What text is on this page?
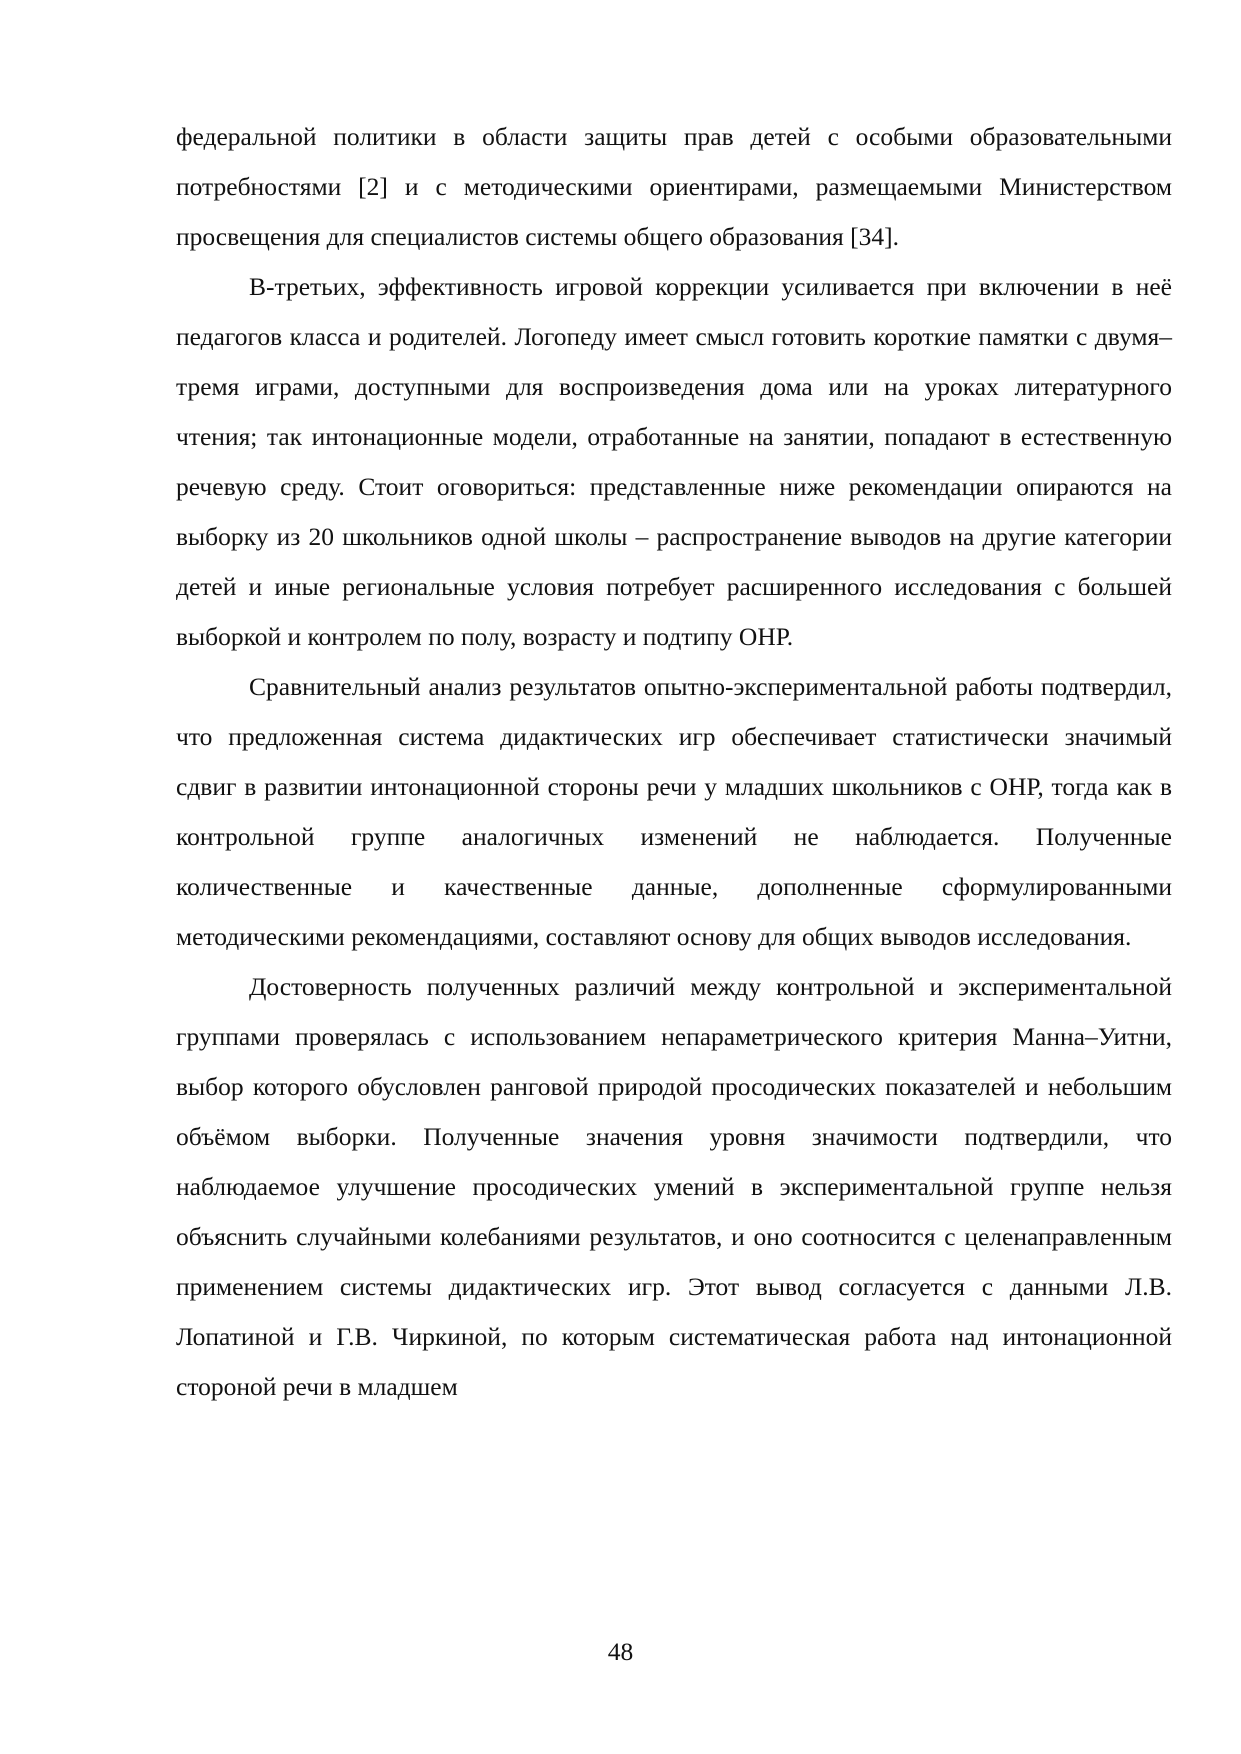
федеральной политики в области защиты прав детей с особыми образовательными потребностями [2] и с методическими ориентирами, размещаемыми Министерством просвещения для специалистов системы общего образования [34].

В-третьих, эффективность игровой коррекции усиливается при включении в неё педагогов класса и родителей. Логопеду имеет смысл готовить короткие памятки с двумя–тремя играми, доступными для воспроизведения дома или на уроках литературного чтения; так интонационные модели, отработанные на занятии, попадают в естественную речевую среду. Стоит оговориться: представленные ниже рекомендации опираются на выборку из 20 школьников одной школы – распространение выводов на другие категории детей и иные региональные условия потребует расширенного исследования с большей выборкой и контролем по полу, возрасту и подтипу ОНР.

Сравнительный анализ результатов опытно-экспериментальной работы подтвердил, что предложенная система дидактических игр обеспечивает статистически значимый сдвиг в развитии интонационной стороны речи у младших школьников с ОНР, тогда как в контрольной группе аналогичных изменений не наблюдается. Полученные количественные и качественные данные, дополненные сформулированными методическими рекомендациями, составляют основу для общих выводов исследования.

Достоверность полученных различий между контрольной и экспериментальной группами проверялась с использованием непараметрического критерия Манна–Уитни, выбор которого обусловлен ранговой природой просодических показателей и небольшим объёмом выборки. Полученные значения уровня значимости подтвердили, что наблюдаемое улучшение просодических умений в экспериментальной группе нельзя объяснить случайными колебаниями результатов, и оно соотносится с целенаправленным применением системы дидактических игр. Этот вывод согласуется с данными Л.В. Лопатиной и Г.В. Чиркиной, по которым систематическая работа над интонационной стороной речи в младшем

48
